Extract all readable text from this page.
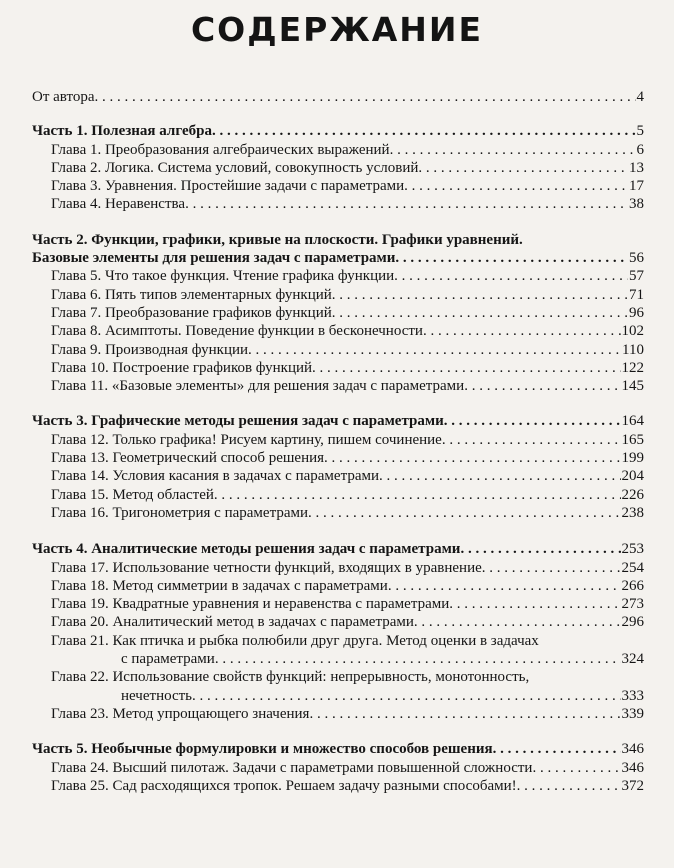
СОДЕРЖАНИЕ
От автора . . .	4
Часть 1. Полезная алгебра . . .	5
Глава 1. Преобразования алгебраических выражений . . .	6
Глава 2. Логика. Система условий, совокупность условий . . .	13
Глава 3. Уравнения. Простейшие задачи с параметрами . . .	17
Глава 4. Неравенства . . .	38
Часть 2. Функции, графики, кривые на плоскости. Графики уравнений.
Базовые элементы для решения задач с параметрами . . .	56
Глава 5. Что такое функция. Чтение графика функции . . .	57
Глава 6. Пять типов элементарных функций . . .	71
Глава 7. Преобразование графиков функций . . .	96
Глава 8. Асимптоты. Поведение функции в бесконечности . . .	102
Глава 9. Производная функции . . .	110
Глава 10. Построение графиков функций . . .	122
Глава 11. «Базовые элементы» для решения задач с параметрами . . .	145
Часть 3. Графические методы решения задач с параметрами . . .	164
Глава 12. Только графика! Рисуем картину, пишем сочинение . . .	165
Глава 13. Геометрический способ решения . . .	199
Глава 14. Условия касания в задачах с параметрами . . .	204
Глава 15. Метод областей . . .	226
Глава 16. Тригонометрия с параметрами . . .	238
Часть 4. Аналитические методы решения задач с параметрами . . .	253
Глава 17. Использование четности функций, входящих в уравнение . . .	254
Глава 18. Метод симметрии в задачах с параметрами . . .	266
Глава 19. Квадратные уравнения и неравенства с параметрами . . .	273
Глава 20. Аналитический метод в задачах с параметрами . . .	296
Глава 21. Как птичка и рыбка полюбили друг друга. Метод оценки в задачах
с параметрами . . .	324
Глава 22. Использование свойств функций: непрерывность, монотонность,
нечетность . . .	333
Глава 23. Метод упрощающего значения . . .	339
Часть 5. Необычные формулировки и множество способов решения . . .	346
Глава 24. Высший пилотаж. Задачи с параметрами повышенной сложности . . .	346
Глава 25. Сад расходящихся тропок. Решаем задачу разными способами! . . .	372
